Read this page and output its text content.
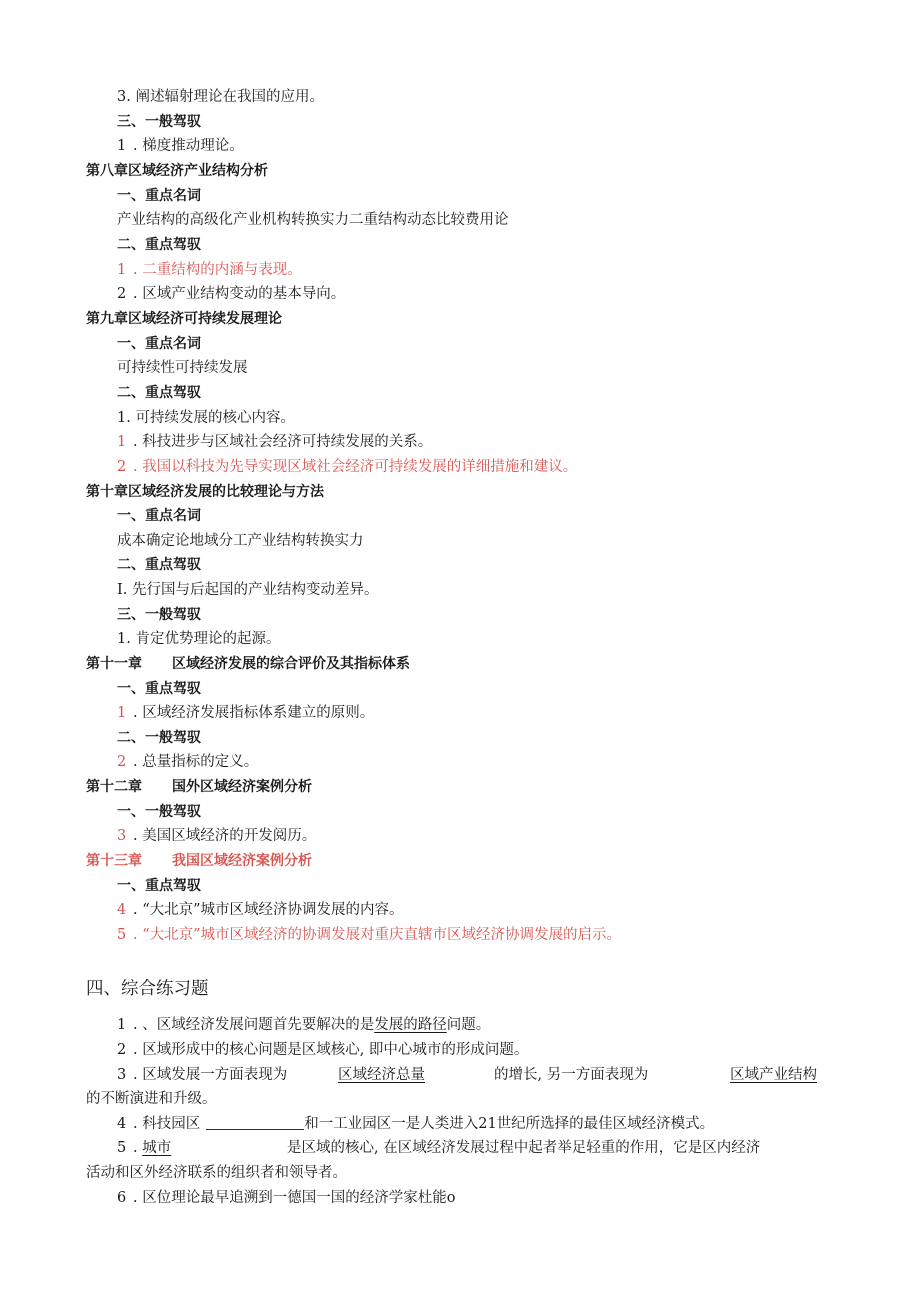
3. 阐述辐射理论在我国的应用。
三、一般驾驭
1 . 梯度推动理论。
第八章区域经济产业结构分析
一、重点名词
产业结构的高级化产业机构转换实力二重结构动态比较费用论
二、重点驾驭
1 . 二重结构的内涵与表现。
2 . 区域产业结构变动的基本导向。
第九章区域经济可持续发展理论
一、重点名词
可持续性可持续发展
二、重点驾驭
1. 可持续发展的核心内容。
1 . 科技进步与区域社会经济可持续发展的关系。
2 . 我国以科技为先导实现区域社会经济可持续发展的详细措施和建议。
第十章区域经济发展的比较理论与方法
一、重点名词
成本确定论地域分工产业结构转换实力
二、重点驾驭
I. 先行国与后起国的产业结构变动差异。
三、一般驾驭
1. 肯定优势理论的起源。
第十一章 区域经济发展的综合评价及其指标体系
一、重点驾驭
1 . 区域经济发展指标体系建立的原则。
二、一般驾驭
2 . 总量指标的定义。
第十二章 国外区域经济案例分析
一、一般驾驭
3 . 美国区域经济的开发阅历。
第十三章 我国区域经济案例分析
一、重点驾驭
4 . “大北京”城市区域经济协调发展的内容。
5 . “大北京”城市区域经济的协调发展对重庆直辖市区域经济协调发展的启示。
四、综合练习题
1 . 、区域经济发展问题首先要解决的是发展的路径问题。
2 . 区域形成中的核心问题是区域核心, 即中心城市的形成问题。
3 . 区域发展一方面表现为	区域经济总量	的增长, 另一方面表现为	区域产业结构
的不断演进和升级。
4 . 科技园区	和一工业园区一是人类进入21世纪所选择的最佳区域经济模式。
5 . 城市	是区域的核心, 在区域经济发展过程中起者举足轻重的作用，它是区内经济
活动和区外经济联系的组织者和领导者。
6 . 区位理论最早追溯到一德国一国的经济学家杜能o
